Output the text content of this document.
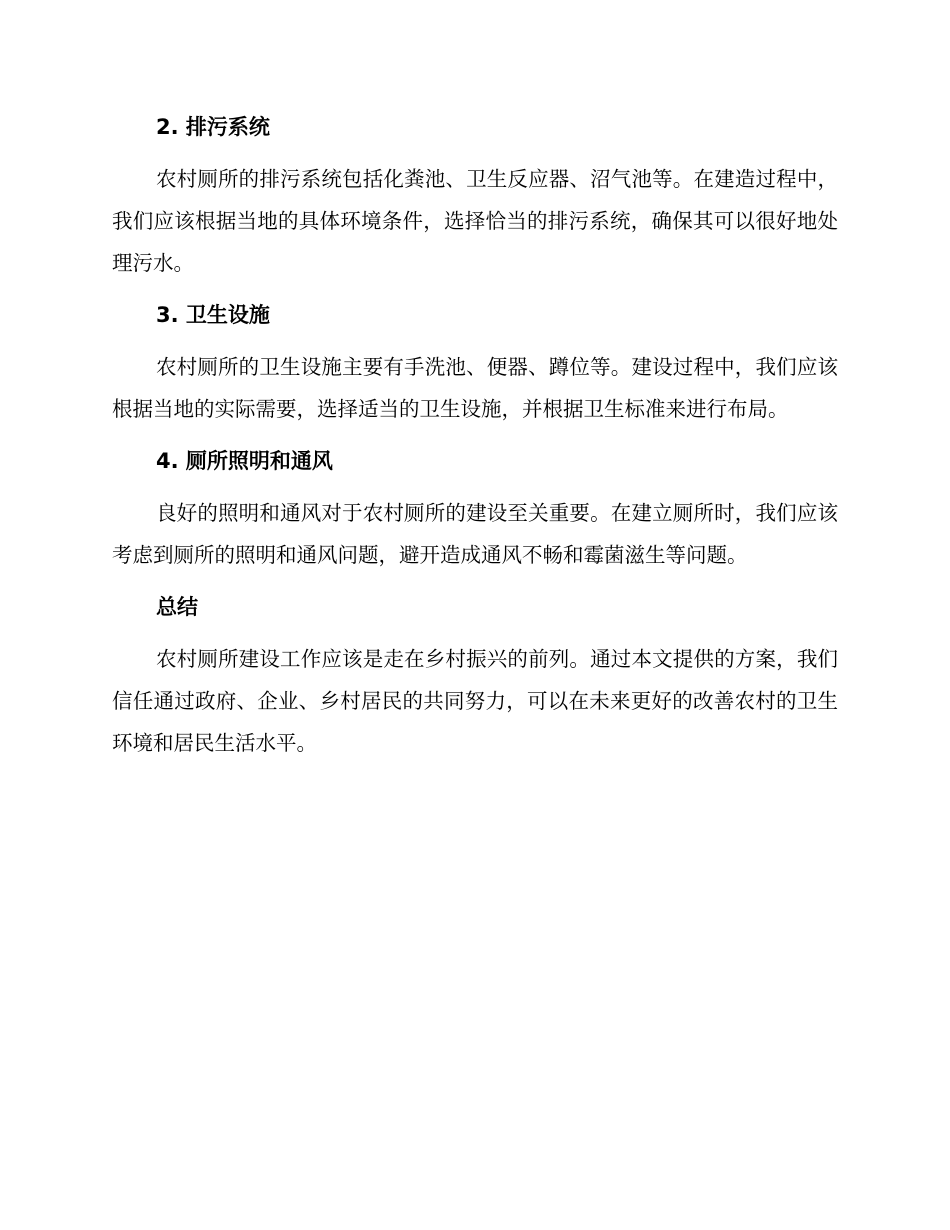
2. 排污系统

农村厕所的排污系统包括化粪池、卫生反应器、沼气池等。在建造过程中，我们应该根据当地的具体环境条件，选择恰当的排污系统，确保其可以很好地处理污水。

3. 卫生设施

农村厕所的卫生设施主要有手洗池、便器、蹲位等。建设过程中，我们应该根据当地的实际需要，选择适当的卫生设施，并根据卫生标准来进行布局。

4. 厕所照明和通风

良好的照明和通风对于农村厕所的建设至关重要。在建立厕所时，我们应该考虑到厕所的照明和通风问题，避开造成通风不畅和霉菌滋生等问题。

总结

农村厕所建设工作应该是走在乡村振兴的前列。通过本文提供的方案，我们信任通过政府、企业、乡村居民的共同努力，可以在未来更好的改善农村的卫生环境和居民生活水平。
